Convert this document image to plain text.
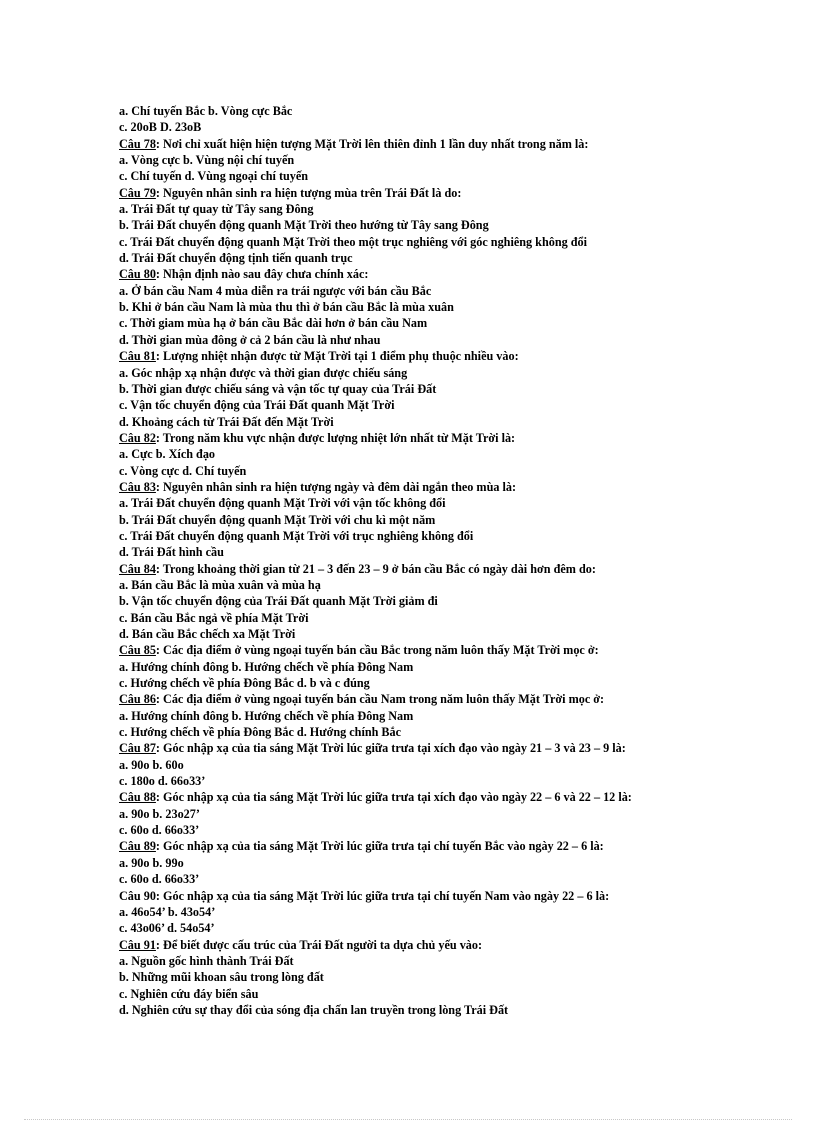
a. Chí tuyến Bắc b. Vòng cực Bắc
c. 20oB D. 23oB
Câu 78: Nơi chỉ xuất hiện hiện tượng Mặt Trời lên thiên đỉnh 1 lần duy nhất trong năm là:
a. Vòng cực b. Vùng nội chí tuyến
c. Chí tuyến d. Vùng ngoại chí tuyến
Câu 79: Nguyên nhân sinh ra hiện tượng mùa trên Trái Đất là do:
a. Trái Đất tự quay từ Tây sang Đông
b. Trái Đất chuyển động quanh Mặt Trời theo hướng từ Tây sang Đông
c. Trái Đất chuyển động quanh Mặt Trời theo một trục nghiêng với góc nghiêng không đổi
d. Trái Đất chuyển động tịnh tiến quanh trục
Câu 80: Nhận định nào sau đây chưa chính xác:
a. Ở bán cầu Nam 4 mùa diễn ra trái ngược với bán cầu Bắc
b. Khi ở bán cầu Nam là mùa thu thì ở bán cầu Bắc là mùa xuân
c. Thời giam mùa hạ ở bán cầu Bắc dài hơn ở bán cầu Nam
d. Thời gian mùa đông ở cả 2 bán cầu là như nhau
Câu 81: Lượng nhiệt nhận được từ Mặt Trời tại 1 điểm phụ thuộc nhiều vào:
a. Góc nhập xạ nhận được và thời gian được chiếu sáng
b. Thời gian được chiếu sáng và vận tốc tự quay của Trái Đất
c. Vận tốc chuyển động của Trái Đất quanh Mặt Trời
d. Khoảng cách từ Trái Đất đến Mặt Trời
Câu 82: Trong năm khu vực nhận được lượng nhiệt lớn nhất từ Mặt Trời là:
a. Cực b. Xích đạo
c. Vòng cực d. Chí tuyến
Câu 83: Nguyên nhân sinh ra hiện tượng ngày và đêm dài ngắn theo mùa là:
a. Trái Đất chuyển động quanh Mặt Trời với vận tốc không đổi
b. Trái Đất chuyển động quanh Mặt Trời với chu kì một năm
c. Trái Đất chuyển động quanh Mặt Trời với trục nghiêng không đổi
d. Trái Đất hình cầu
Câu 84: Trong khoảng thời gian từ 21 – 3 đến 23 – 9 ở bán cầu Bắc có ngày dài hơn đêm do:
a. Bán cầu Bắc là mùa xuân và mùa hạ
b. Vận tốc chuyển động của Trái Đất quanh Mặt Trời giảm đi
c. Bán cầu Bắc ngả về phía Mặt Trời
d. Bán cầu Bắc chếch xa Mặt Trời
Câu 85: Các địa điểm ở vùng ngoại tuyến bán cầu Bắc trong năm luôn thấy Mặt Trời mọc ở:
a. Hướng chính đông b. Hướng chếch về phía Đông Nam
c. Hướng chếch về phía Đông Bắc d. b và c đúng
Câu 86: Các địa điểm ở vùng ngoại tuyến bán cầu Nam trong năm luôn thấy Mặt Trời mọc ở:
a. Hướng chính đông b. Hướng chếch về phía Đông Nam
c. Hướng chếch về phía Đông Bắc d. Hướng chính Bắc
Câu 87: Góc nhập xạ của tia sáng Mặt Trời lúc giữa trưa tại xích đạo vào ngày 21 – 3 và 23 – 9 là:
a. 90o b. 60o
c. 180o d. 66o33’
Câu 88: Góc nhập xạ của tia sáng Mặt Trời lúc giữa trưa tại xích đạo vào ngày 22 – 6 và 22 – 12 là:
a. 90o b. 23o27’
c. 60o d. 66o33’
Câu 89: Góc nhập xạ của tia sáng Mặt Trời lúc giữa trưa tại chí tuyến Bắc vào ngày 22 – 6 là:
a. 90o b. 99o
c. 60o d. 66o33’
Câu 90: Góc nhập xạ của tia sáng Mặt Trời lúc giữa trưa tại chí tuyến Nam vào ngày 22 – 6 là:
a. 46o54’ b. 43o54’
c. 43o06’ d. 54o54’
Câu 91: Để biết được cấu trúc của Trái Đất người ta dựa chủ yếu vào:
a. Nguồn gốc hình thành Trái Đất
b. Những mũi khoan sâu trong lòng đất
c. Nghiên cứu đáy biển sâu
d. Nghiên cứu sự thay đổi của sóng địa chấn lan truyền trong lòng Trái Đất
